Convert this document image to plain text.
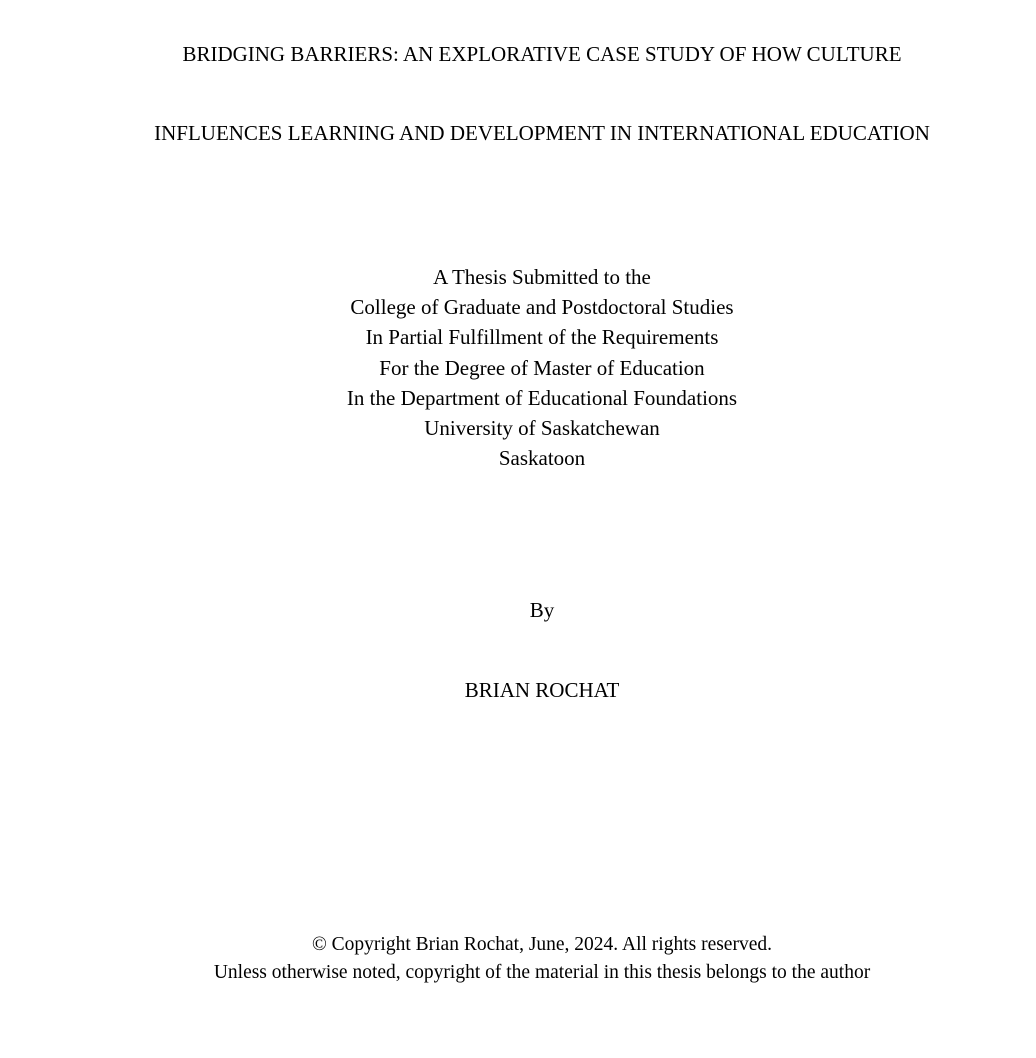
BRIDGING BARRIERS: AN EXPLORATIVE CASE STUDY OF HOW CULTURE
INFLUENCES LEARNING AND DEVELOPMENT IN INTERNATIONAL EDUCATION
A Thesis Submitted to the
College of Graduate and Postdoctoral Studies
In Partial Fulfillment of the Requirements
For the Degree of Master of Education
In the Department of Educational Foundations
University of Saskatchewan
Saskatoon
By
BRIAN ROCHAT
© Copyright Brian Rochat, June, 2024. All rights reserved.
Unless otherwise noted, copyright of the material in this thesis belongs to the author
